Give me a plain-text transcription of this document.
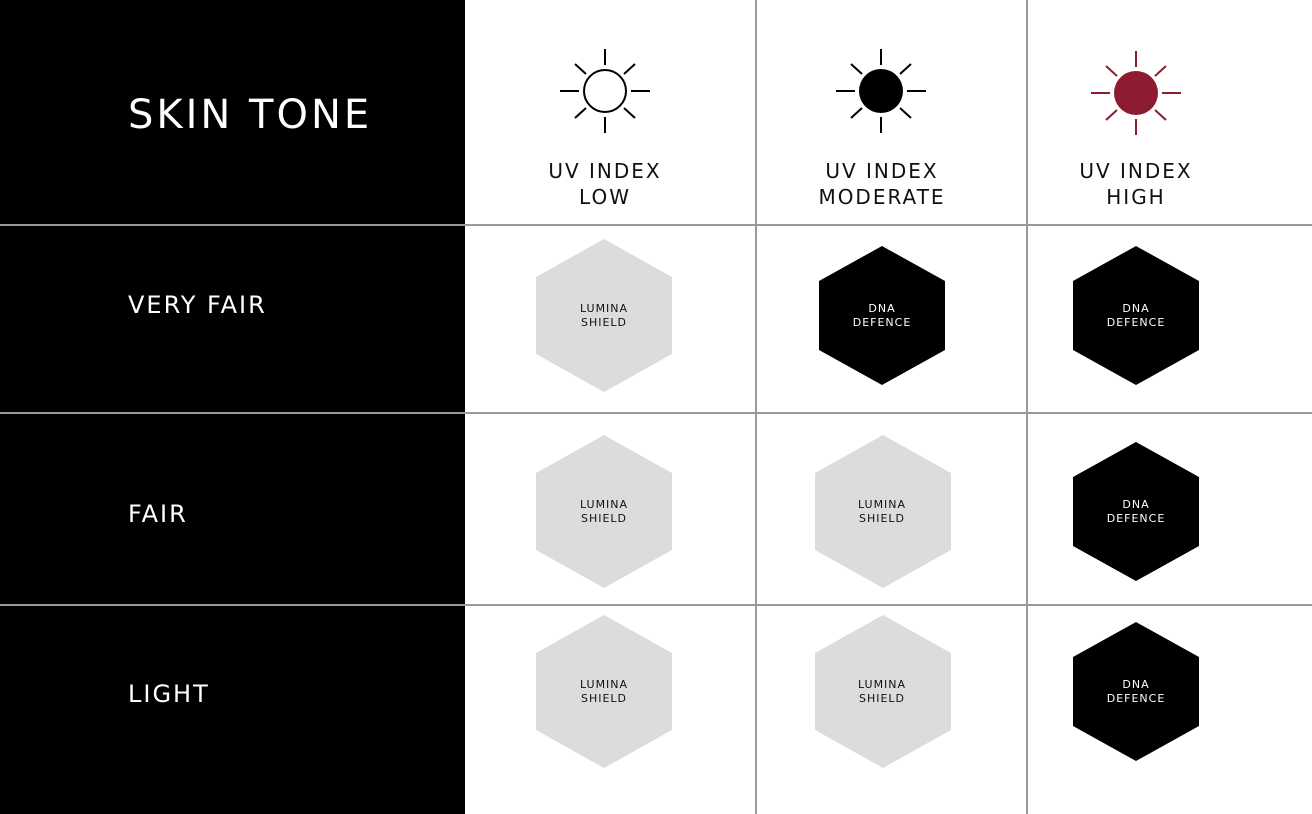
SKIN TONE
VERY FAIR
FAIR
LIGHT
UV INDEX
LOW
UV INDEX
MODERATE
UV INDEX
HIGH
LUMINA
SHIELD
DNA
DEFENCE
DNA
DEFENCE
LUMINA
SHIELD
LUMINA
SHIELD
DNA
DEFENCE
LUMINA
SHIELD
LUMINA
SHIELD
DNA
DEFENCE
